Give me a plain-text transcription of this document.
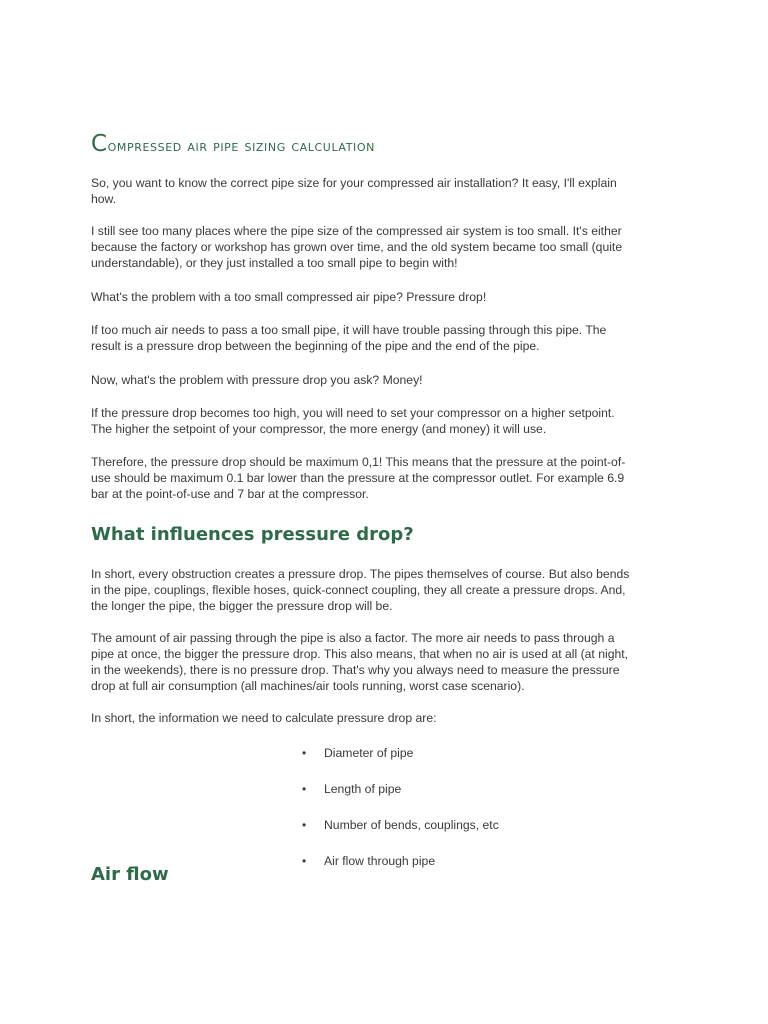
Compressed air pipe sizing calculation

So, you want to know the correct pipe size for your compressed air installation? It easy, I'll explain
how.

I still see too many places where the pipe size of the compressed air system is too small. It's either
because the factory or workshop has grown over time, and the old system became too small (quite
understandable), or they just installed a too small pipe to begin with!

What's the problem with a too small compressed air pipe? Pressure drop!

If too much air needs to pass a too small pipe, it will have trouble passing through this pipe. The
result is a pressure drop between the beginning of the pipe and the end of the pipe.

Now, what's the problem with pressure drop you ask? Money!

If the pressure drop becomes too high, you will need to set your compressor on a higher setpoint.
The higher the setpoint of your compressor, the more energy (and money) it will use.

Therefore, the pressure drop should be maximum 0,1! This means that the pressure at the point-of-
use should be maximum 0.1 bar lower than the pressure at the compressor outlet. For example 6.9
bar at the point-of-use and 7 bar at the compressor.

What influences pressure drop?

In short, every obstruction creates a pressure drop. The pipes themselves of course. But also bends
in the pipe, couplings, flexible hoses, quick-connect coupling, they all create a pressure drops. And,
the longer the pipe, the bigger the pressure drop will be.

The amount of air passing through the pipe is also a factor. The more air needs to pass through a
pipe at once, the bigger the pressure drop. This also means, that when no air is used at all (at night,
in the weekends), there is no pressure drop. That's why you always need to measure the pressure
drop at full air consumption (all machines/air tools running, worst case scenario).

In short, the information we need to calculate pressure drop are:

•	Diameter of pipe
•	Length of pipe
•	Number of bends, couplings, etc
•	Air flow through pipe
Air flow
